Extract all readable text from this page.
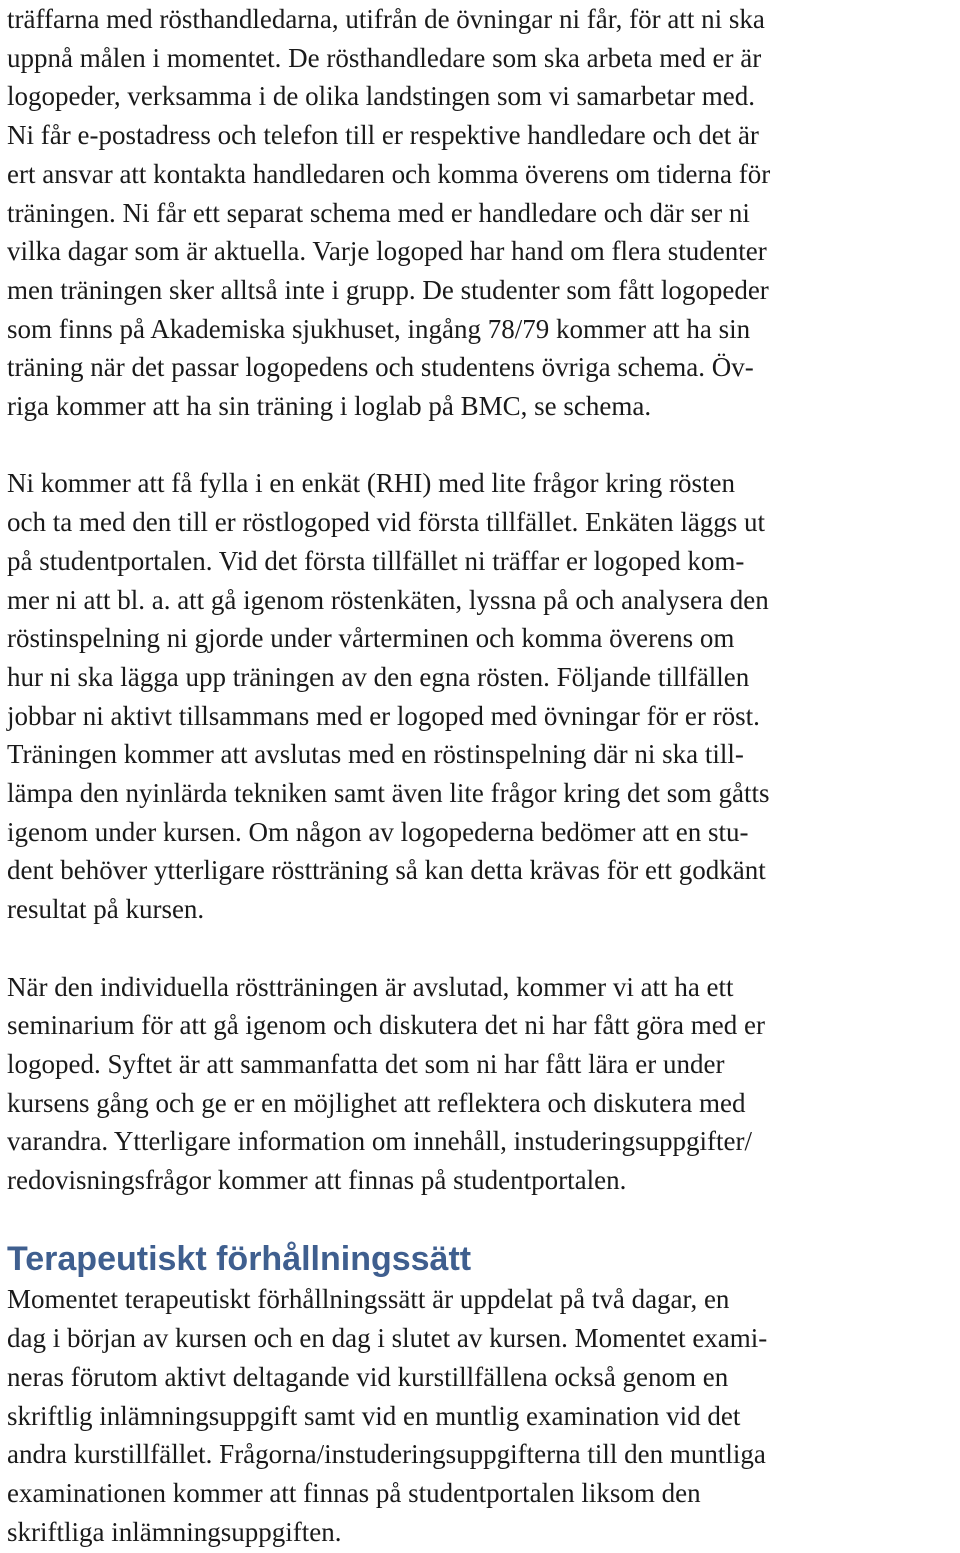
träffarna med rösthandledarna, utifrån de övningar ni får, för att ni ska
uppnå målen i momentet. De rösthandledare som ska arbeta med er är
logopeder, verksamma i de olika landstingen som vi samarbetar med.
Ni får e-postadress och telefon till er respektive handledare och det är
ert ansvar att kontakta handledaren och komma överens om tiderna för
träningen. Ni får ett separat schema med er handledare och där ser ni
vilka dagar som är aktuella. Varje logoped har hand om flera studenter
men träningen sker alltså inte i grupp. De studenter som fått logopeder
som finns på Akademiska sjukhuset, ingång 78/79 kommer att ha sin
träning när det passar logopedens och studentens övriga schema. Öv-
riga kommer att ha sin träning i loglab på BMC, se schema.

Ni kommer att få fylla i en enkät (RHI) med lite frågor kring rösten
och ta med den till er röstlogoped vid första tillfället. Enkäten läggs ut
på studentportalen. Vid det första tillfället ni träffar er logoped kom-
mer ni att bl. a. att gå igenom röstenkäten, lyssna på och analysera den
röstinspelning ni gjorde under vårterminen och komma överens om
hur ni ska lägga upp träningen av den egna rösten. Följande tillfällen
jobbar ni aktivt tillsammans med er logoped med övningar för er röst.
Träningen kommer att avslutas med en röstinspelning där ni ska till-
lämpa den nyinlärda tekniken samt även lite frågor kring det som gåtts
igenom under kursen. Om någon av logopederna bedömer att en stu-
dent behöver ytterligare röstträning så kan detta krävas för ett godkänt
resultat på kursen.

När den individuella röstträningen är avslutad, kommer vi att ha ett
seminarium för att gå igenom och diskutera det ni har fått göra med er
logoped. Syftet är att sammanfatta det som ni har fått lära er under
kursens gång och ge er en möjlighet att reflektera och diskutera med
varandra. Ytterligare information om innehåll, instuderingsuppgifter/
redovisningsfrågor kommer att finnas på studentportalen.

Terapeutiskt förhållningssätt

Momentet terapeutiskt förhållningssätt är uppdelat på två dagar, en
dag i början av kursen och en dag i slutet av kursen. Momentet exami-
neras förutom aktivt deltagande vid kurstillfällena också genom en
skriftlig inlämningsuppgift samt vid en muntlig examination vid det
andra kurstillfället. Frågorna/instuderingsuppgifterna till den muntliga
examinationen kommer att finnas på studentportalen liksom den
skriftliga inlämningsuppgiften.
